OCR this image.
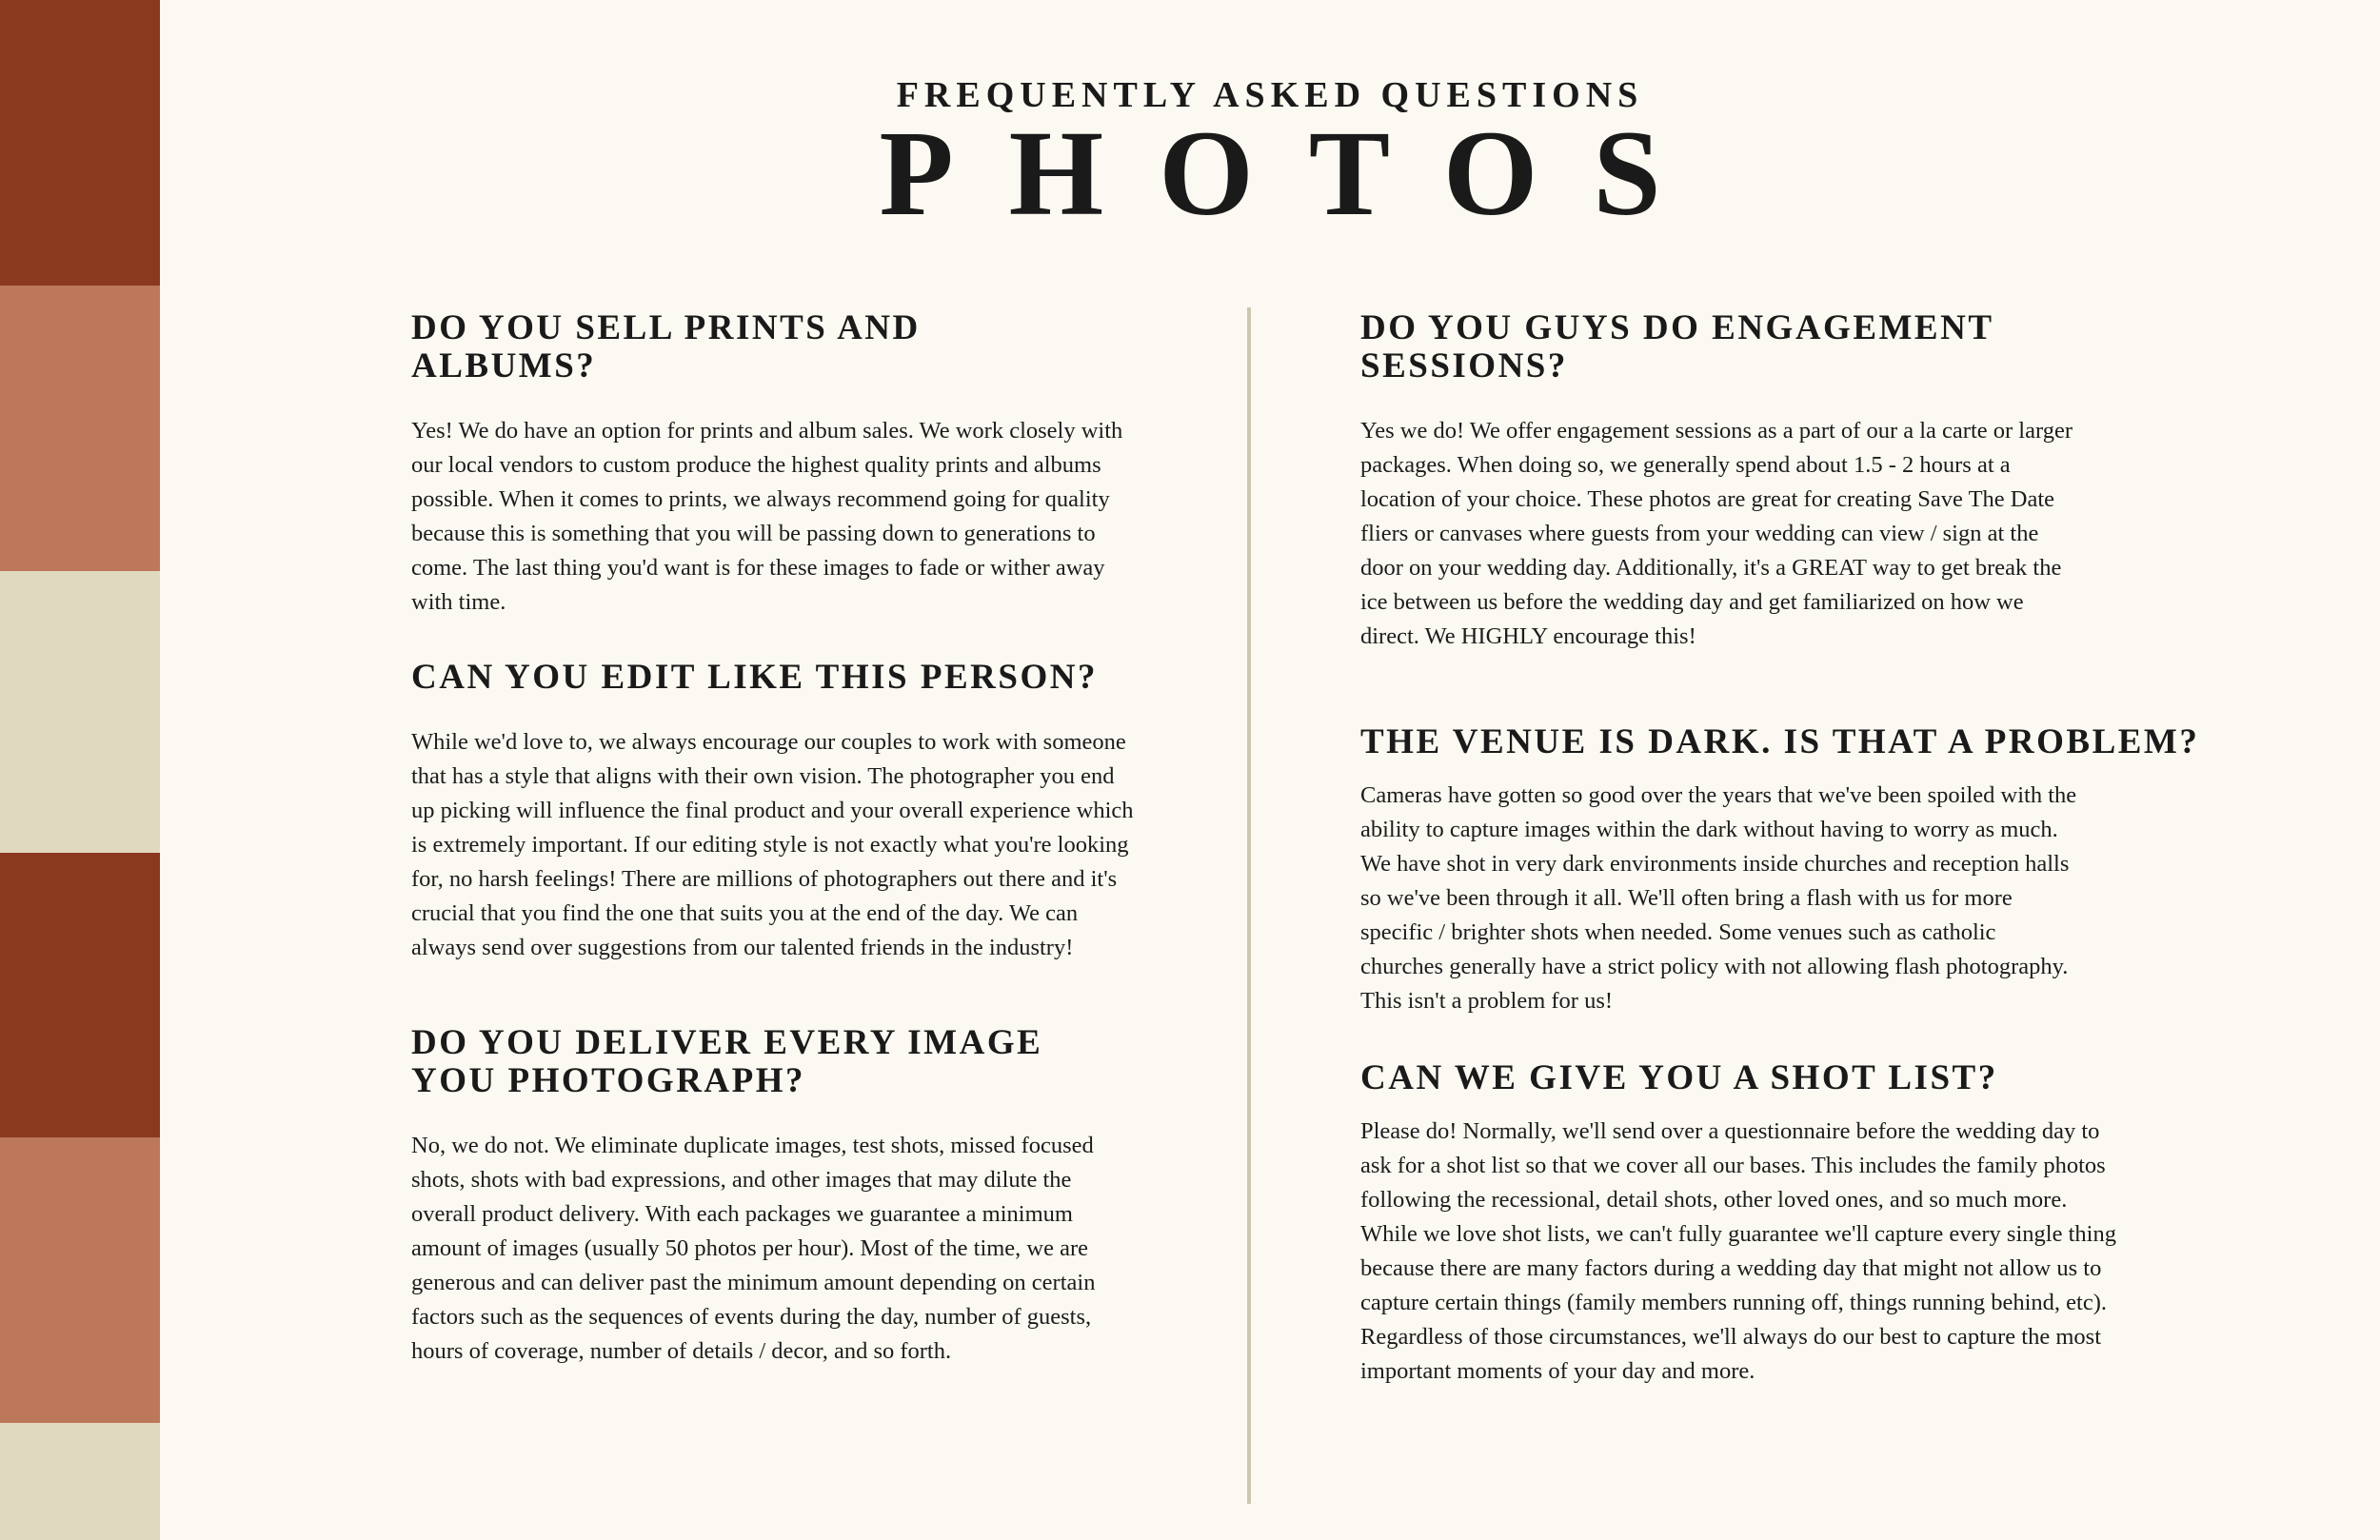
FREQUENTLY ASKED QUESTIONS
PHOTOS
DO YOU SELL PRINTS AND ALBUMS?

Yes! We do have an option for prints and album sales. We work closely with our local vendors to custom produce the highest quality prints and albums possible. When it comes to prints, we always recommend going for quality because this is something that you will be passing down to generations to come. The last thing you'd want is for these images to fade or wither away with time.

CAN YOU EDIT LIKE THIS PERSON?

While we'd love to, we always encourage our couples to work with someone that has a style that aligns with their own vision. The photographer you end up picking will influence the final product and your overall experience which is extremely important. If our editing style is not exactly what you're looking for, no harsh feelings! There are millions of photographers out there and it's crucial that you find the one that suits you at the end of the day. We can always send over suggestions from our talented friends in the industry!

DO YOU DELIVER EVERY IMAGE YOU PHOTOGRAPH?

No, we do not. We eliminate duplicate images, test shots, missed focused shots, shots with bad expressions, and other images that may dilute the overall product delivery. With each packages we guarantee a minimum amount of images (usually 50 photos per hour). Most of the time, we are generous and can deliver past the minimum amount depending on certain factors such as the sequences of events during the day, number of guests, hours of coverage, number of details / decor, and so forth.

DO YOU GUYS DO ENGAGEMENT SESSIONS?

Yes we do! We offer engagement sessions as a part of our a la carte or larger packages. When doing so, we generally spend about 1.5 - 2 hours at a location of your choice. These photos are great for creating Save The Date fliers or canvases where guests from your wedding can view / sign at the door on your wedding day. Additionally, it's a GREAT way to get break the ice between us before the wedding day and get familiarized on how we direct. We HIGHLY encourage this!

THE VENUE IS DARK. IS THAT A PROBLEM?

Cameras have gotten so good over the years that we've been spoiled with the ability to capture images within the dark without having to worry as much. We have shot in very dark environments inside churches and reception halls so we've been through it all. We'll often bring a flash with us for more specific / brighter shots when needed. Some venues such as catholic churches generally have a strict policy with not allowing flash photography. This isn't a problem for us!

CAN WE GIVE YOU A SHOT LIST?

Please do! Normally, we'll send over a questionnaire before the wedding day to ask for a shot list so that we cover all our bases. This includes the family photos following the recessional, detail shots, other loved ones, and so much more. While we love shot lists, we can't fully guarantee we'll capture every single thing because there are many factors during a wedding day that might not allow us to capture certain things (family members running off, things running behind, etc). Regardless of those circumstances, we'll always do our best to capture the most important moments of your day and more.
